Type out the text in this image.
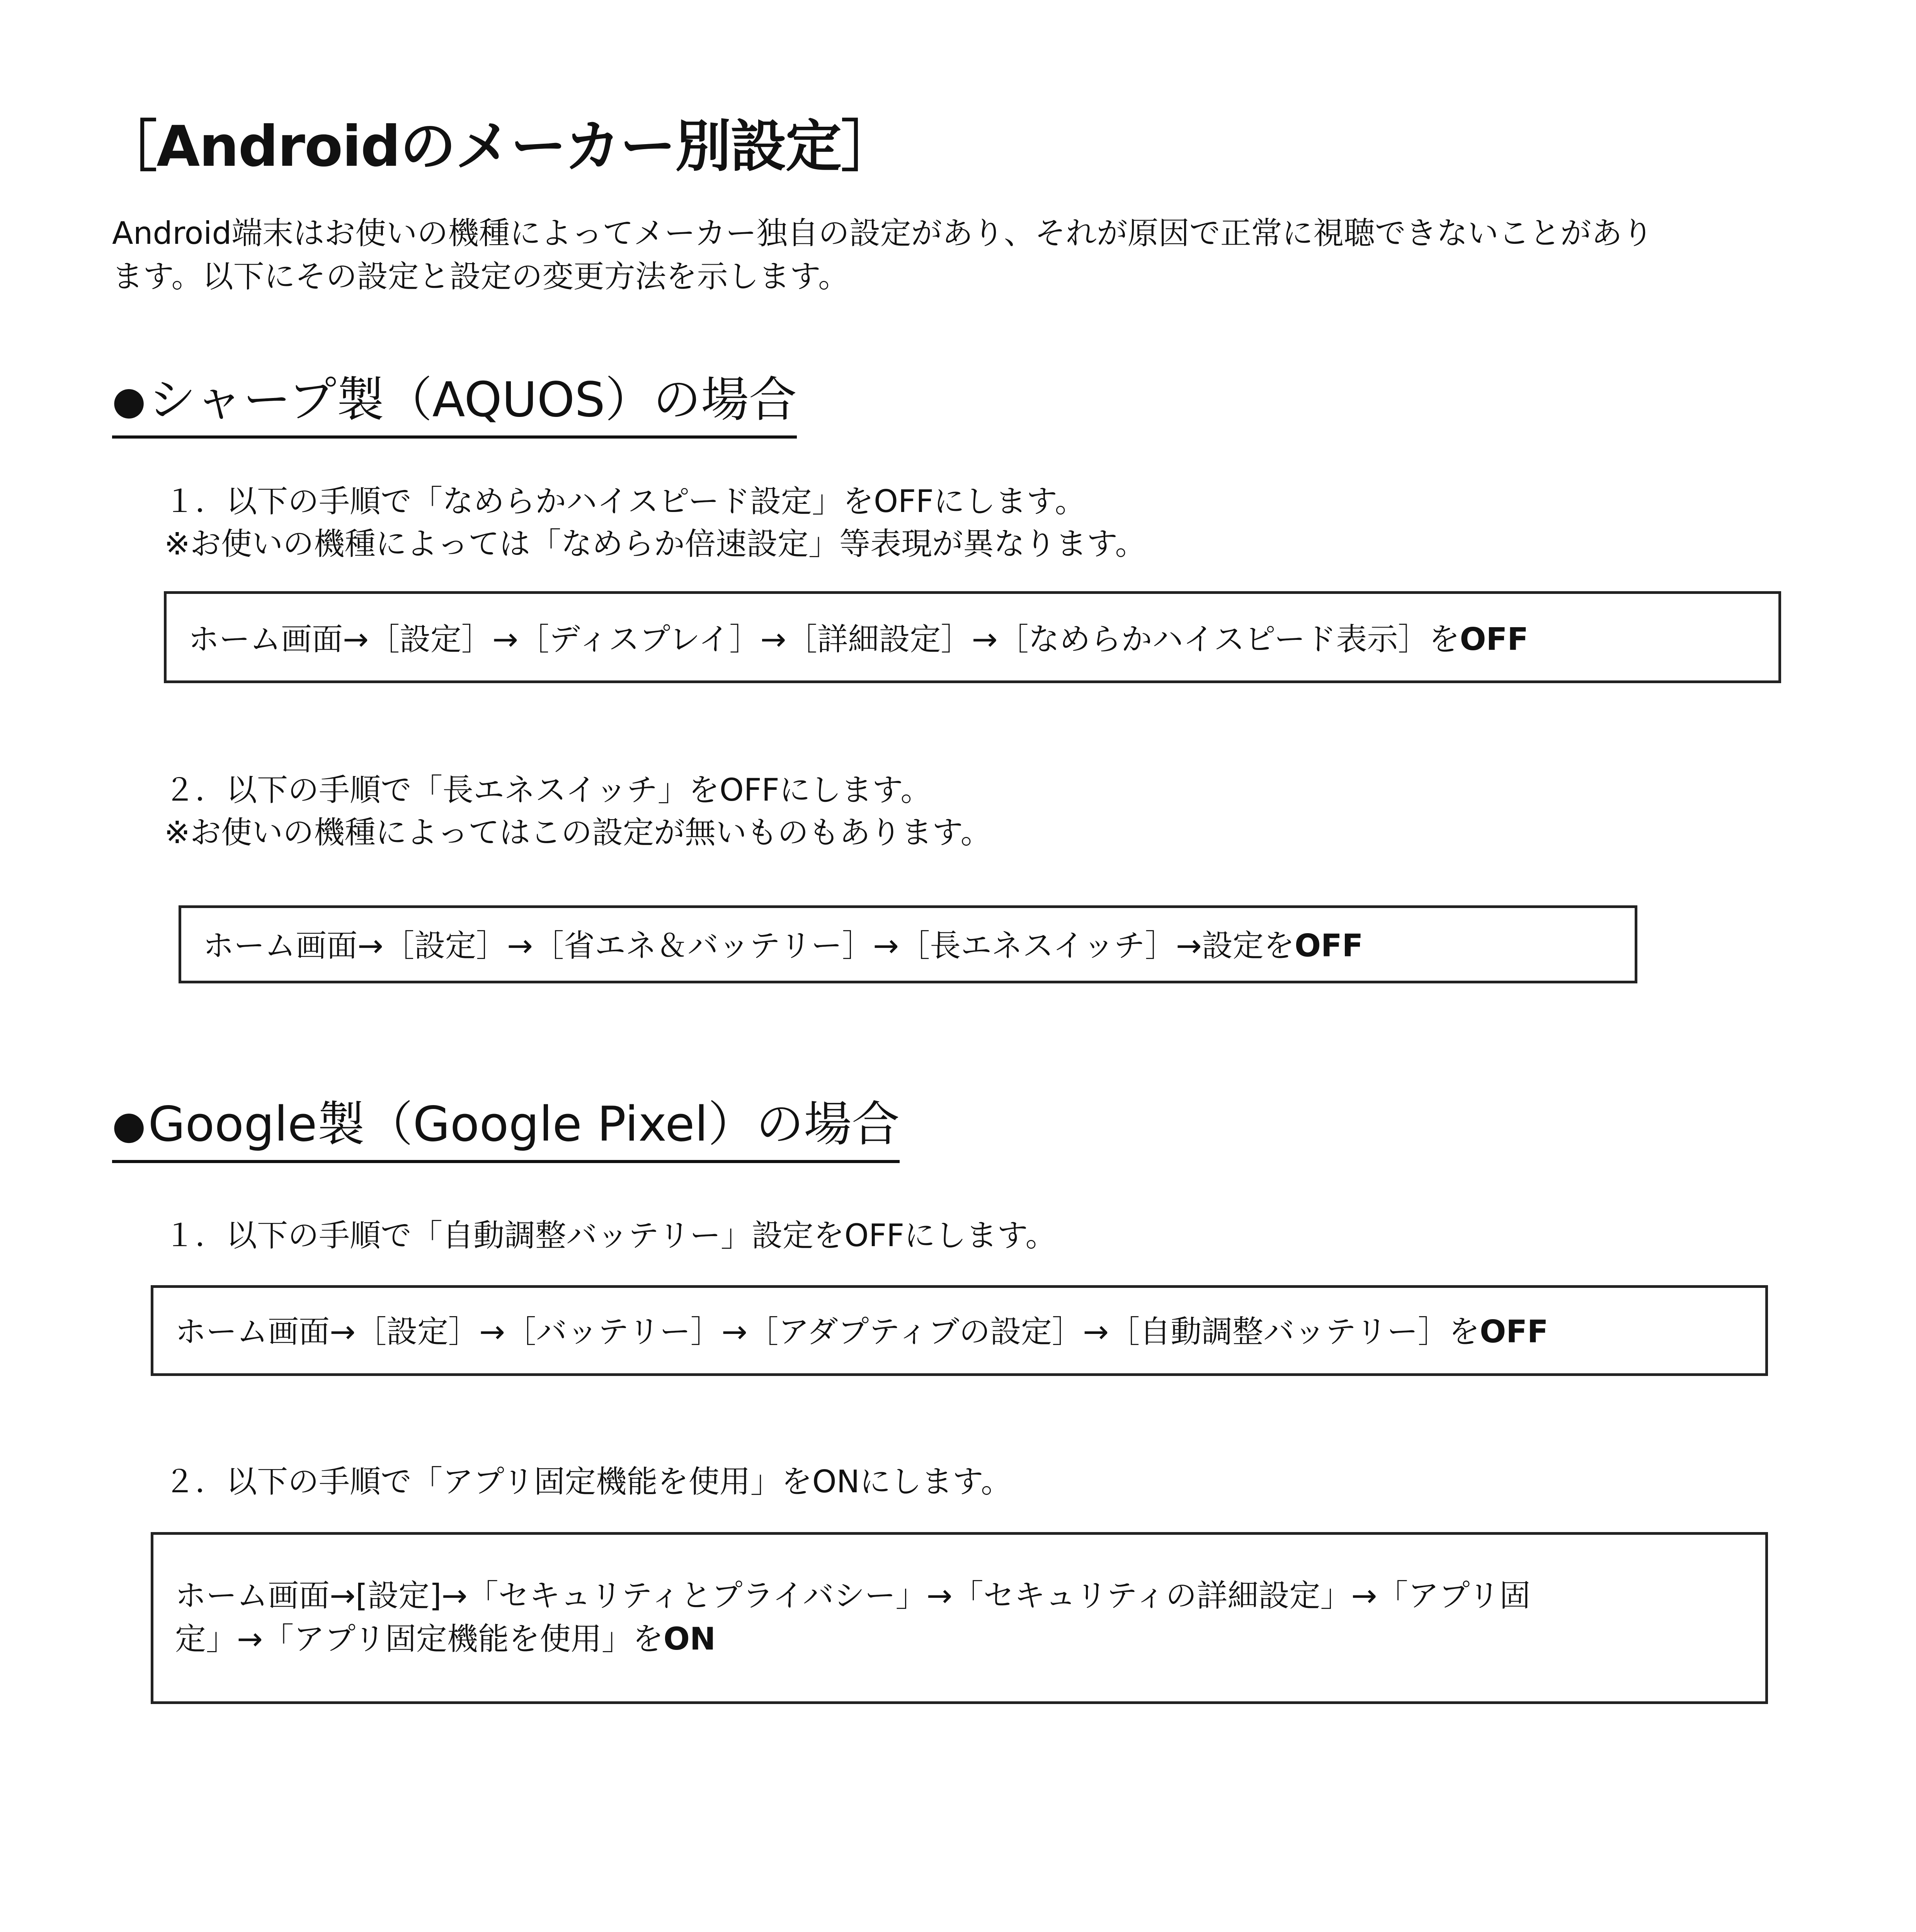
［Androidのメーカー別設定］
Android端末はお使いの機種によってメーカー独自の設定があり、それが原因で正常に視聴できないことがあり
ます。以下にその設定と設定の変更方法を示します。
●シャープ製（AQUOS）の場合
１．以下の手順で「なめらかハイスピード設定」をOFFにします。
※お使いの機種によっては「なめらか倍速設定」等表現が異なります。
ホーム画面→［設定］→［ディスプレイ］→［詳細設定］→［なめらかハイスピード表示］をOFF
２．以下の手順で「長エネスイッチ」をOFFにします。
※お使いの機種によってはこの設定が無いものもあります。
ホーム画面→［設定］→［省エネ＆バッテリー］→［長エネスイッチ］→設定をOFF
●Google製（Google Pixel）の場合
１．以下の手順で「自動調整バッテリー」設定をOFFにします。
ホーム画面→［設定］→［バッテリー］→［アダプティブの設定］→［自動調整バッテリー］をOFF
２．以下の手順で「アプリ固定機能を使用」をONにします。
ホーム画面→[設定]→「セキュリティとプライバシー」→「セキュリティの詳細設定」→「アプリ固
定」→「アプリ固定機能を使用」をON
